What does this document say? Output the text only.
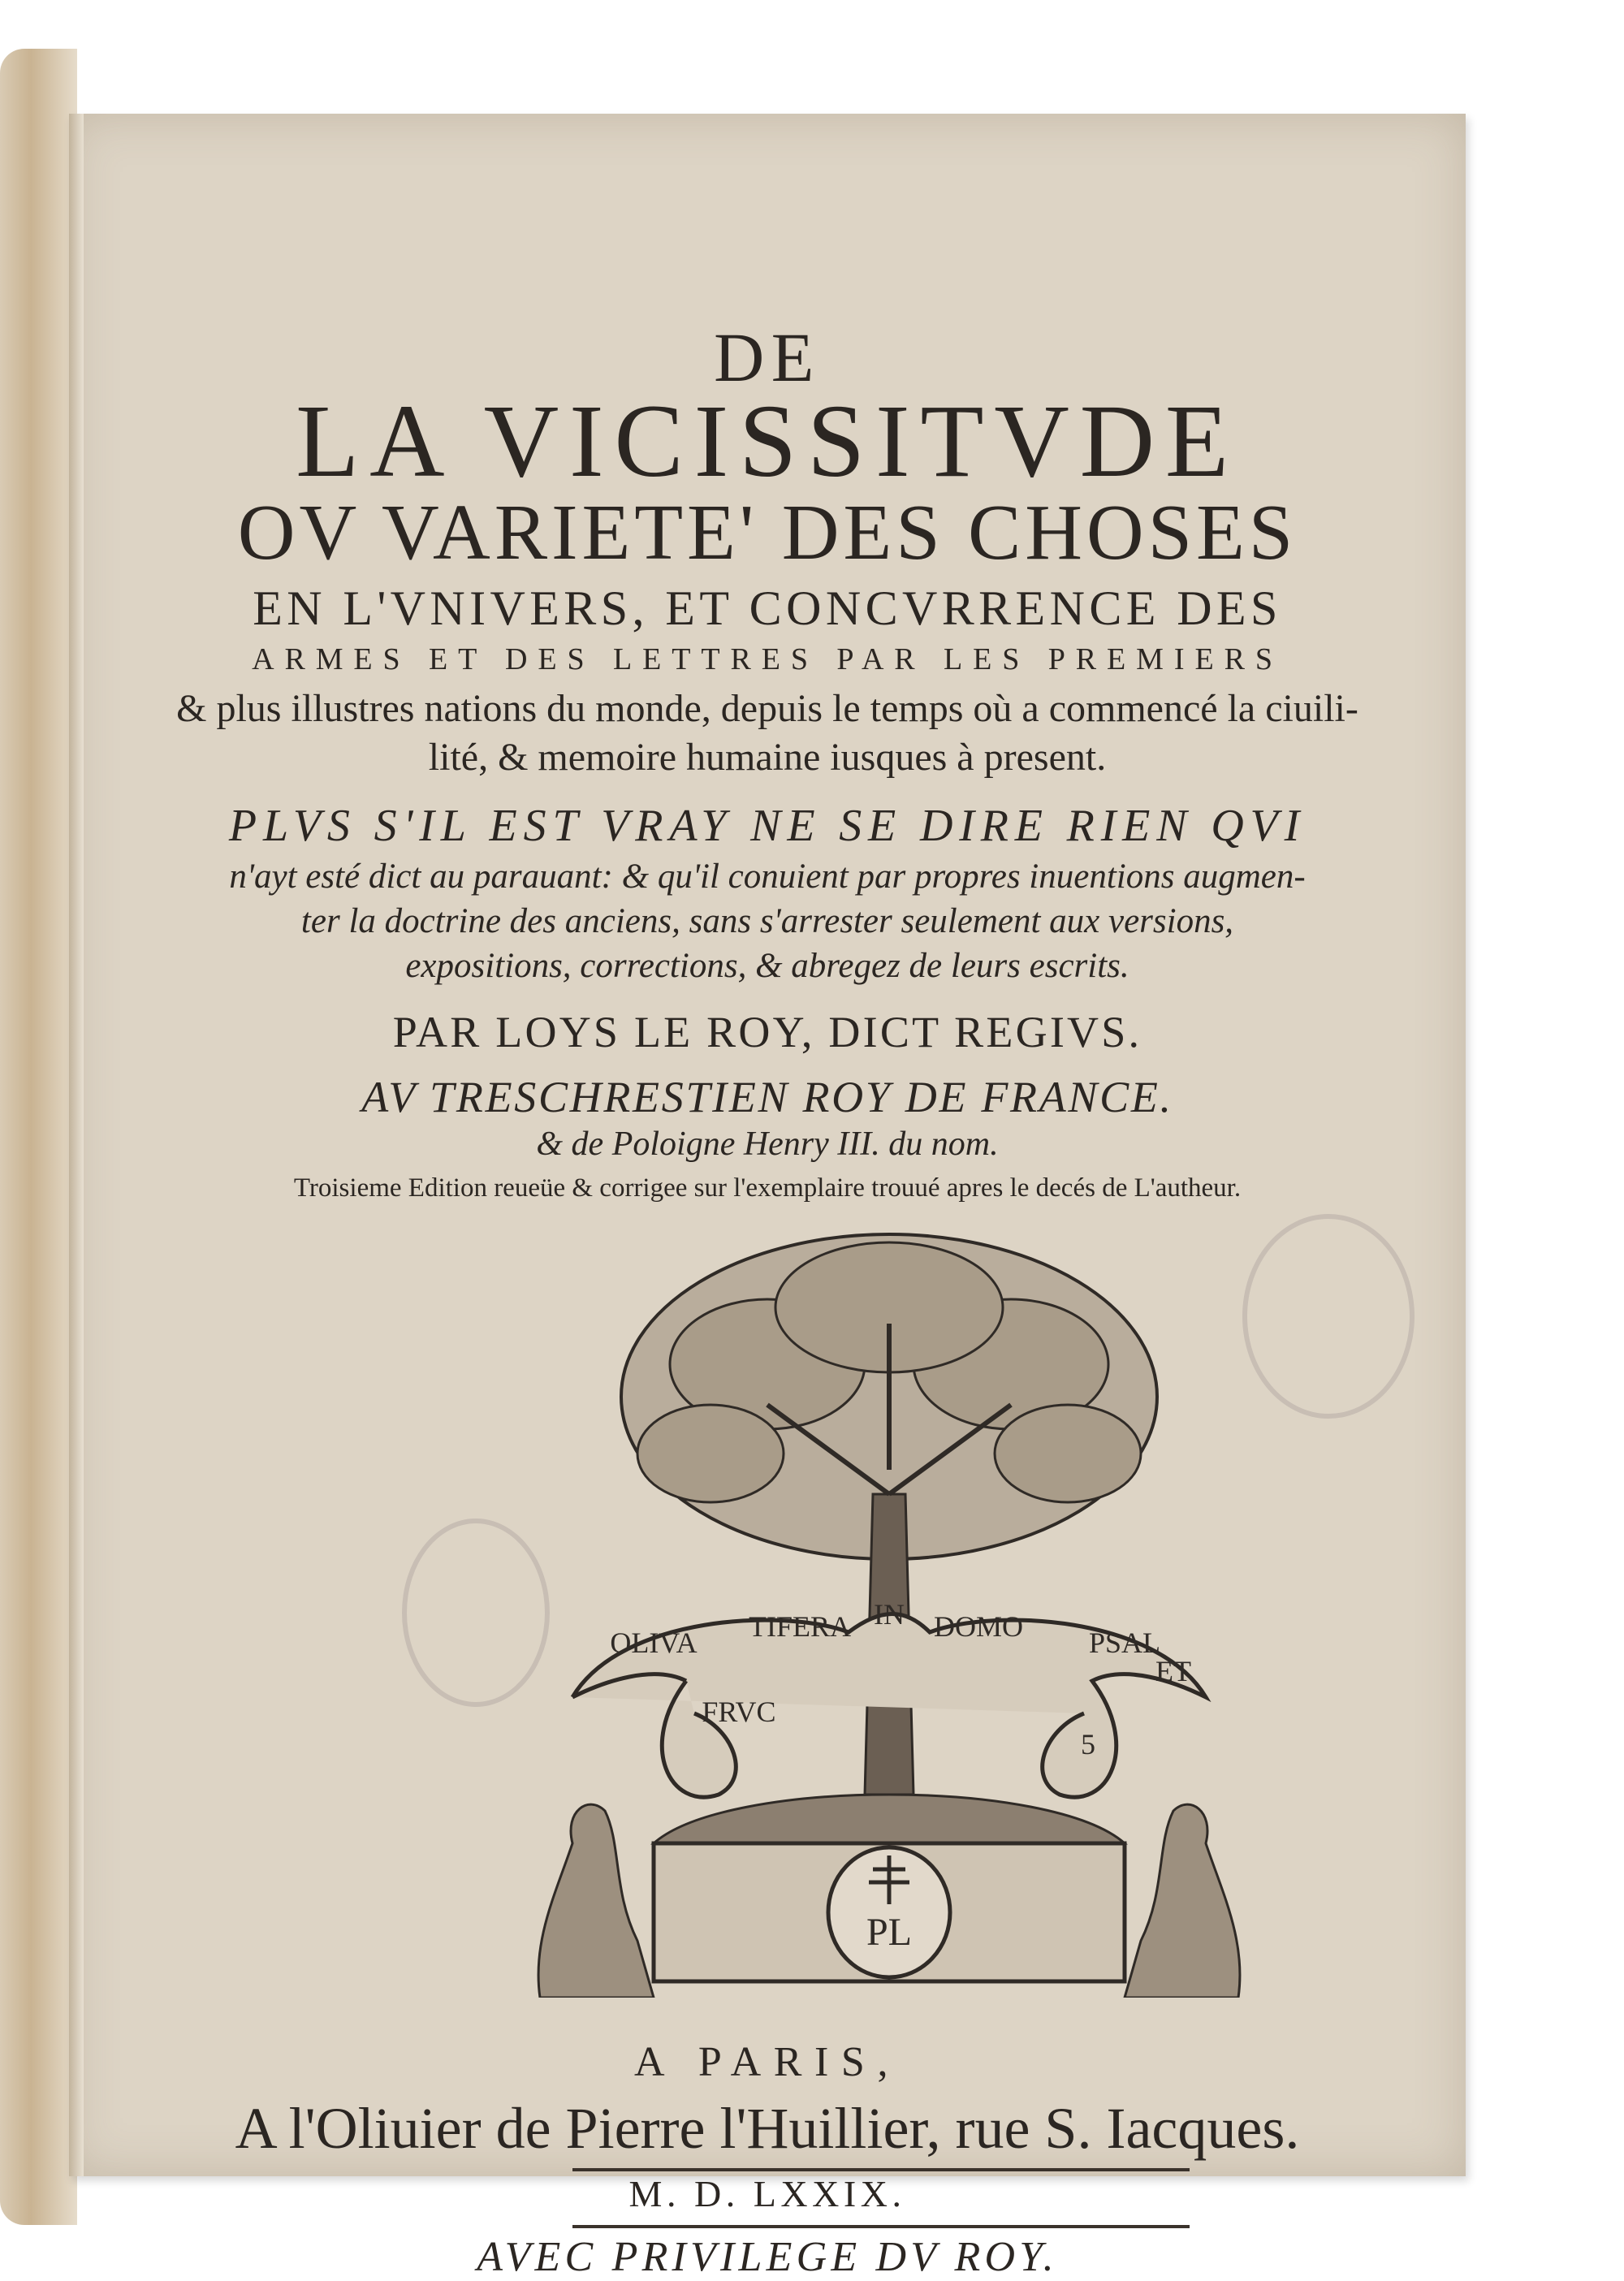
DE
LA VICISSITVDE
OV VARIETE' DES CHOSES
EN L'VNIVERS, ET CONCVRRENCE DES
ARMES ET DES LETTRES PAR LES PREMIERS
& plus illustres nations du monde, depuis le temps où a commencé la ciuili-
lité, & memoire humaine iusques à present.
PLVS S'IL EST VRAY NE SE DIRE RIEN QVI
n'ayt esté dict au parauant: & qu'il conuient par propres inuentions augmen-
ter la doctrine des anciens, sans s'arrester seulement aux versions,
expositions, corrections, & abregez de leurs escrits.
PAR LOYS LE ROY, DICT REGIVS.
AV TRESCHRESTIEN ROY DE FRANCE.
& de Poloigne Henry III. du nom.
Troisieme Edition reueüe & corrigee sur l'exemplaire trouué apres le decés de L'autheur.
OLIVA
FRVC
TIFERA IN DOMO PSAL
5
ET
PL
A PARIS,
A l'Oliuier de Pierre l'Huillier, rue S. Iacques.
M. D. LXXIX.
AVEC PRIVILEGE DV ROY.
